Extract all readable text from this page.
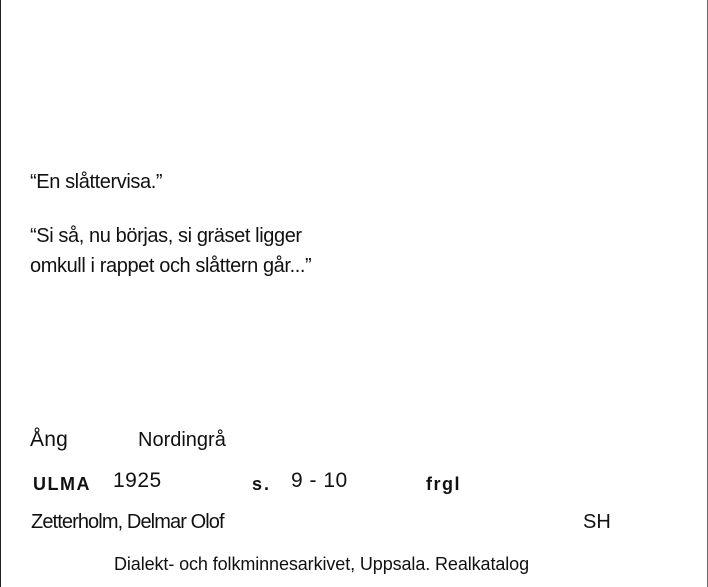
“En slåttervisa.”
“Si så, nu börjas, si gräset ligger
omkull i rappet och slåttern går...”
Ång	Nordingrå
ULMA 1925	s. 9 - 10	frgl
Zetterholm, Delmar Olof	SH
Dialekt- och folkminnesarkivet, Uppsala. Realkatalog
